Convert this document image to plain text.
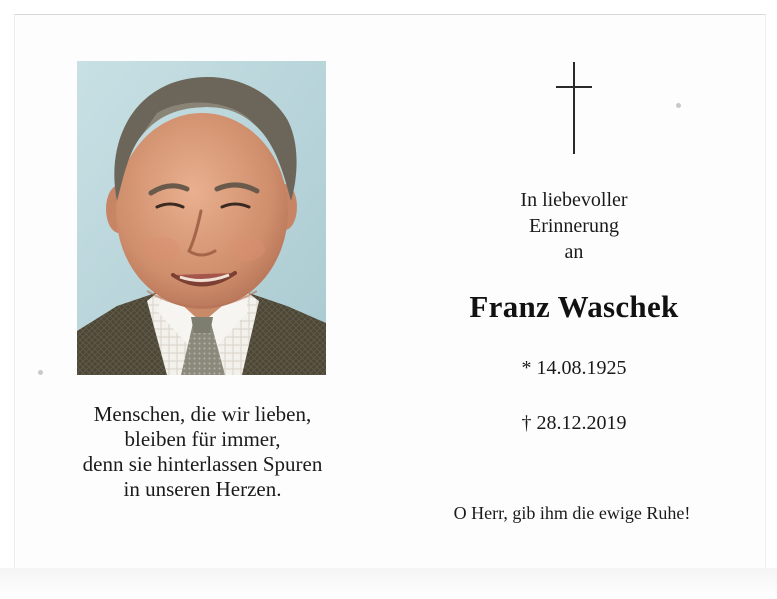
Menschen, die wir lieben,
bleiben für immer,
denn sie hinterlassen Spuren
in unseren Herzen.
In liebevoller
Erinnerung
an
Franz Waschek
* 14.08.1925
† 28.12.2019
O Herr, gib ihm die ewige Ruhe!
